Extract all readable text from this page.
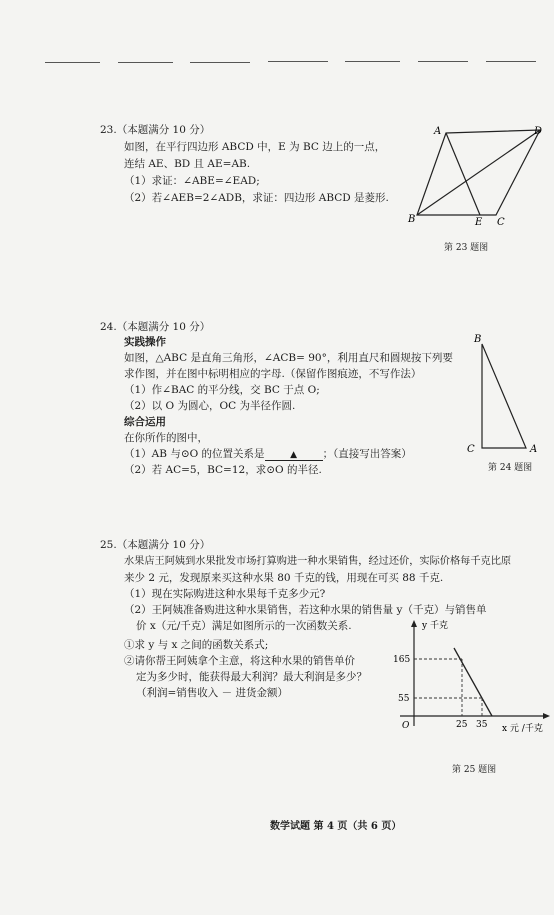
23.（本题满分 10 分）
如图，在平行四边形 ABCD 中，E 为 BC 边上的一点，
连结 AE、BD 且 AE=AB.
（1）求证：∠ABE=∠EAD;
（2）若∠AEB=2∠ADB，求证：四边形 ABCD 是菱形.
A	D
B	E C
第 23 题图
24.（本题满分 10 分）
实践操作
如图，△ABC 是直角三角形，∠ACB= 90°，利用直尺和圆规按下列要
求作图，并在图中标明相应的字母.（保留作图痕迹，不写作法）
（1）作∠BAC 的平分线，交 BC 于点 O;
（2）以 O 为圆心，OC 为半径作圆.
综合运用
在你所作的图中，
（1）AB 与⊙O 的位置关系是	▲ ；（直接写出答案）
（2）若 AC=5，BC=12，求⊙O 的半径.
B
C	A
第 24 题图
25.（本题满分 10 分）
水果店王阿姨到水果批发市场打算购进一种水果销售，经过还价，实际价格每千克比原
来少 2 元，发现原来买这种水果 80 千克的钱，用现在可买 88 千克.
（1）现在实际购进这种水果每千克多少元?
（2）王阿姨准备购进这种水果销售，若这种水果的销售量 y（千克）与销售单
价 x（元/千克）满足如图所示的一次函数关系.
①求 y 与 x 之间的函数关系式;
②请你帮王阿姨拿个主意，将这种水果的销售单价
定为多少时，能获得最大利润？最大利润是多少？
（利润=销售收入 － 进货金额）
y 千克
165
55
O	25 35 x 元 /千克
第 25 题图
数学试题 第 4 页（共 6 页）
